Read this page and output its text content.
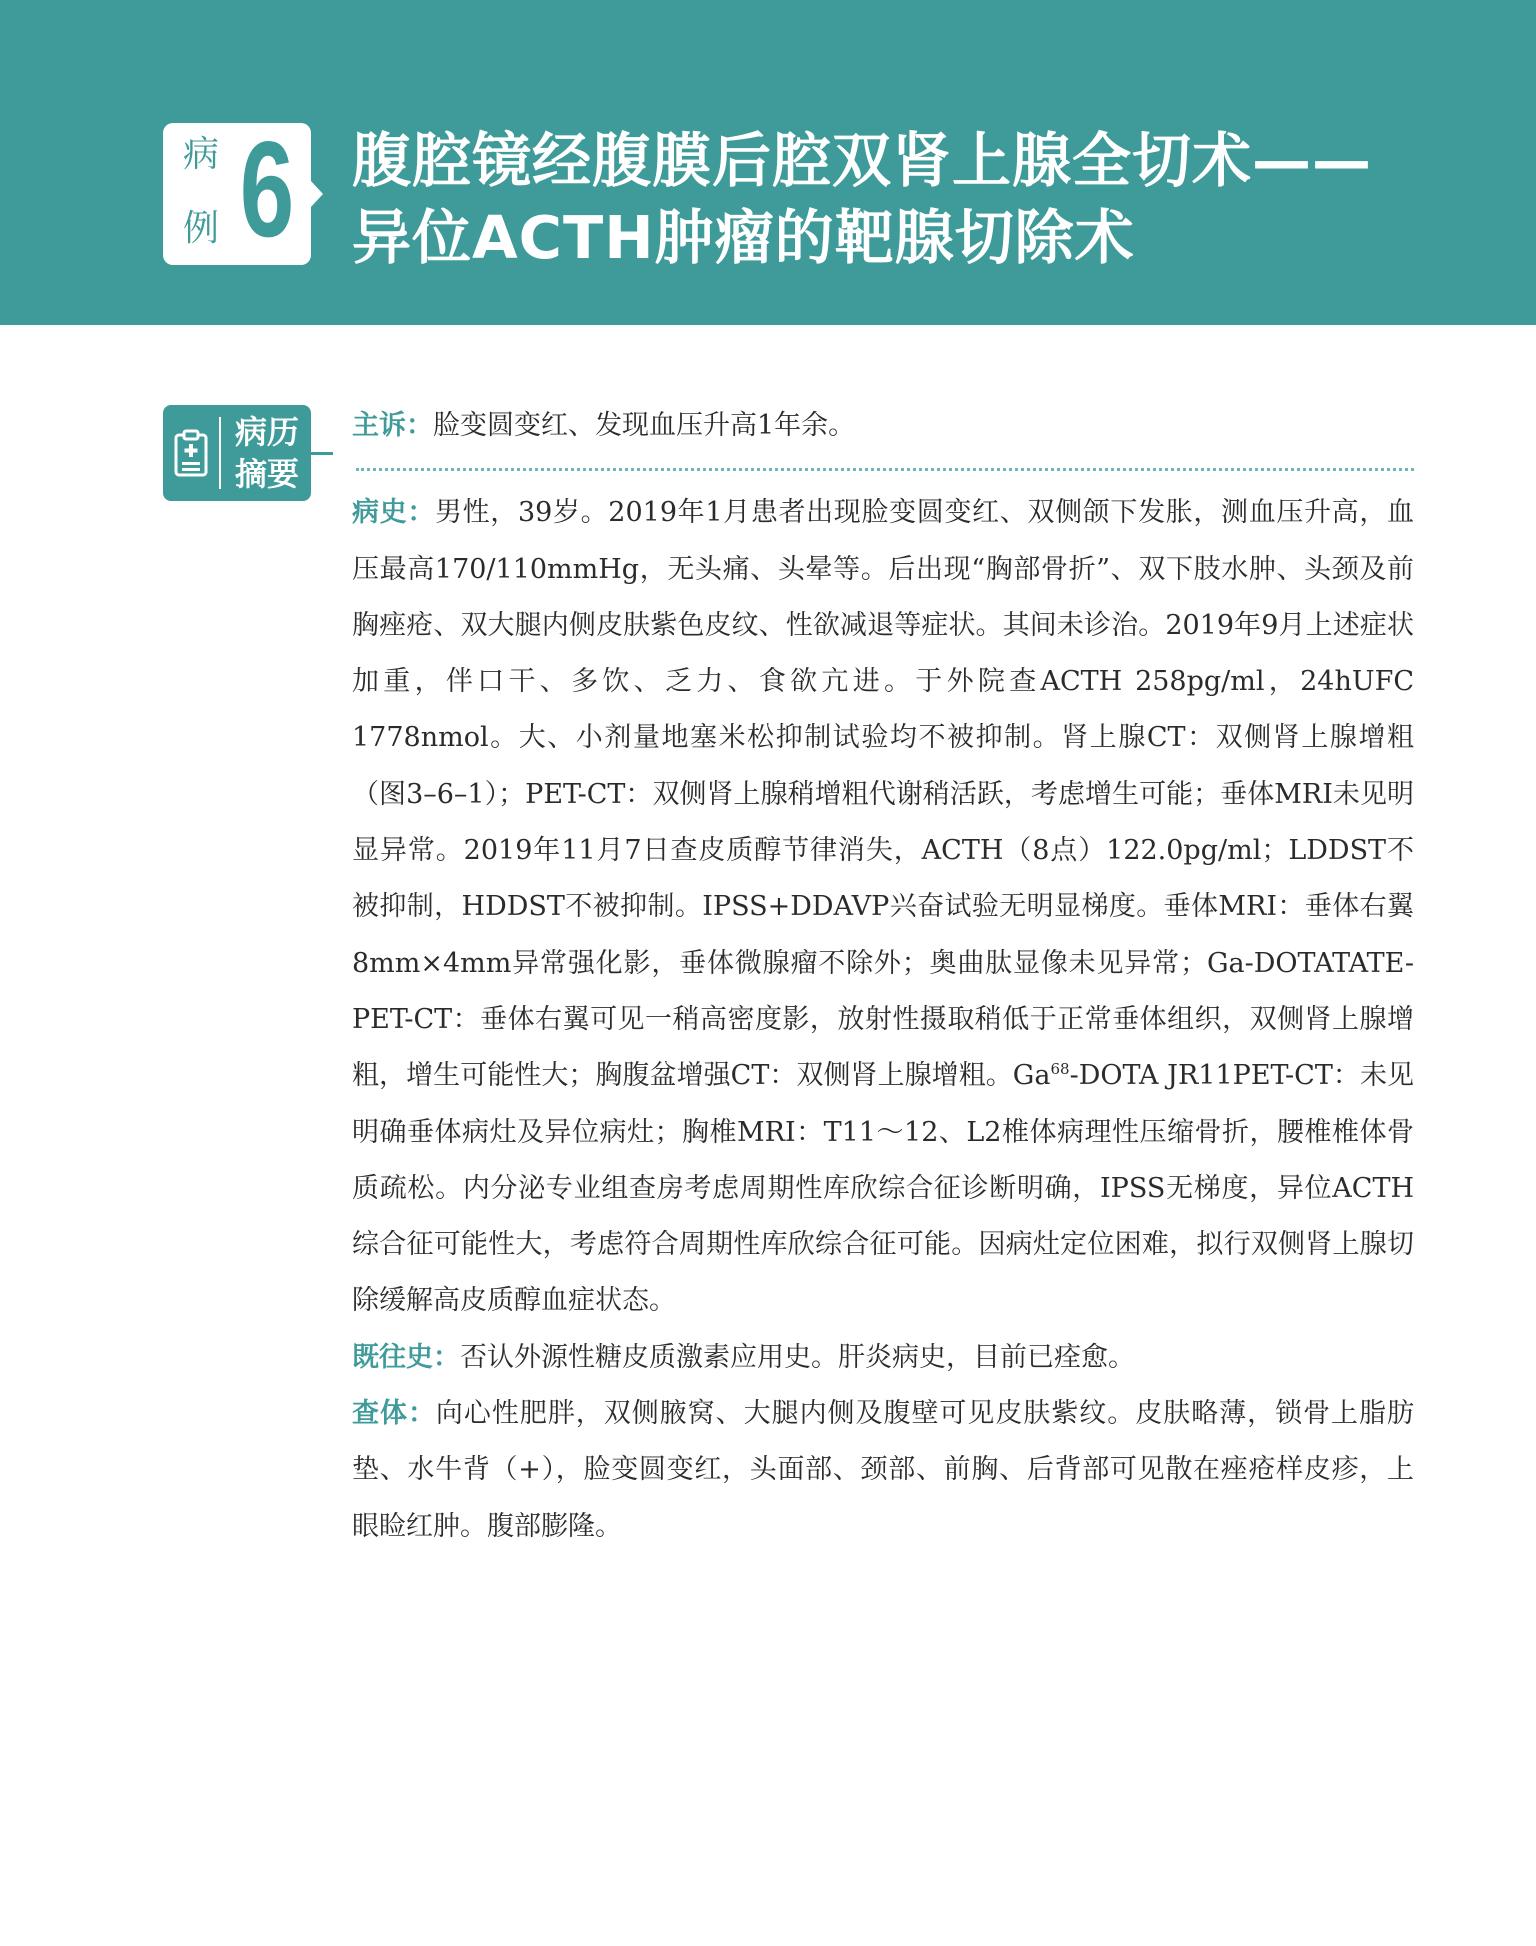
病
例 6 腹腔镜经腹膜后腔双肾上腺全切术——
异位ACTH肿瘤的靶腺切除术
病历
摘要

主诉：脸变圆变红、发现血压升高1年余。

病史：男性，39岁。2019年1月患者出现脸变圆变红、双侧颌下发胀，测血压升高，血压最高170/110mmHg，无头痛、头晕等。后出现“胸部骨折”、双下肢水肿、头颈及前胸痤疮、双大腿内侧皮肤紫色皮纹、性欲减退等症状。其间未诊治。2019年9月上述症状加重，伴口干、多饮、乏力、食欲亢进。于外院查ACTH 258pg/ml，24hUFC 1778nmol。大、小剂量地塞米松抑制试验均不被抑制。肾上腺CT：双侧肾上腺增粗（图3–6–1）；PET-CT：双侧肾上腺稍增粗代谢稍活跃，考虑增生可能；垂体MRI未见明显异常。2019年11月7日查皮质醇节律消失，ACTH（8点）122.0pg/ml；LDDST不被抑制，HDDST不被抑制。IPSS+DDAVP兴奋试验无明显梯度。垂体MRI：垂体右翼8mm×4mm异常强化影，垂体微腺瘤不除外；奥曲肽显像未见异常；Ga-DOTATATE-PET-CT：垂体右翼可见一稍高密度影，放射性摄取稍低于正常垂体组织，双侧肾上腺增粗，增生可能性大；胸腹盆增强CT：双侧肾上腺增粗。Ga$^{68}$-DOTA JR11PET-CT：未见明确垂体病灶及异位病灶；胸椎MRI：T11～12、L2椎体病理性压缩骨折，腰椎椎体骨质疏松。内分泌专业组查房考虑周期性库欣综合征诊断明确，IPSS无梯度，异位ACTH综合征可能性大，考虑符合周期性库欣综合征可能。因病灶定位困难，拟行双侧肾上腺切除缓解高皮质醇血症状态。

既往史：否认外源性糖皮质激素应用史。肝炎病史，目前已痊愈。

查体：向心性肥胖，双侧腋窝、大腿内侧及腹壁可见皮肤紫纹。皮肤略薄，锁骨上脂肪垫、水牛背（+），脸变圆变红，头面部、颈部、前胸、后背部可见散在痤疮样皮疹，上眼睑红肿。腹部膨隆。
